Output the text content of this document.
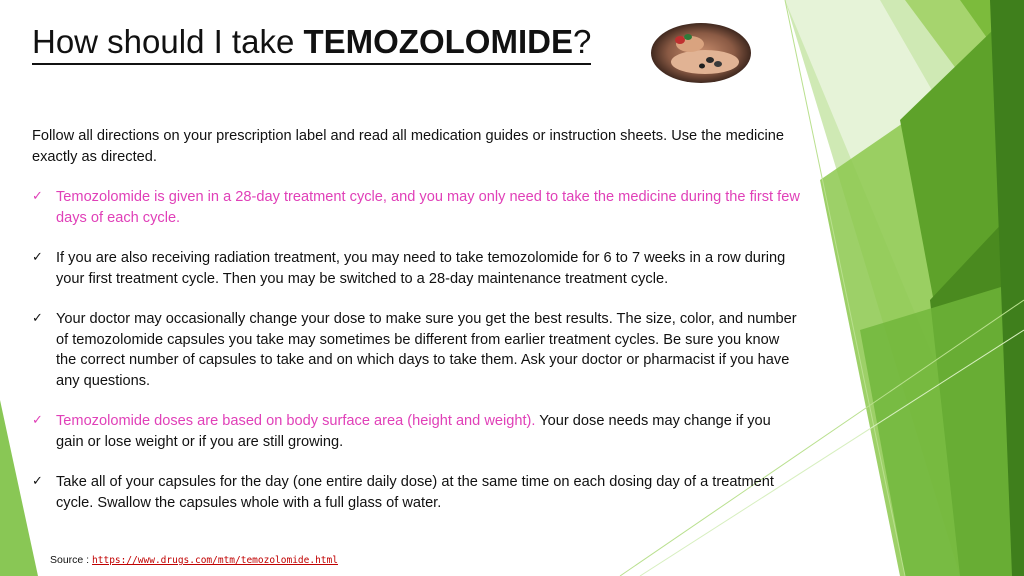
How should I take TEMOZOLOMIDE?

Follow all directions on your prescription label and read all medication guides or instruction sheets. Use the medicine exactly as directed.

✓ Temozolomide is given in a 28-day treatment cycle, and you may only need to take the medicine during the first few days of each cycle.
✓ If you are also receiving radiation treatment, you may need to take temozolomide for 6 to 7 weeks in a row during your first treatment cycle. Then you may be switched to a 28-day maintenance treatment cycle.
✓ Your doctor may occasionally change your dose to make sure you get the best results. The size, color, and number of temozolomide capsules you take may sometimes be different from earlier treatment cycles. Be sure you know the correct number of capsules to take and on which days to take them. Ask your doctor or pharmacist if you have any questions.
✓ Temozolomide doses are based on body surface area (height and weight). Your dose needs may change if you gain or lose weight or if you are still growing.
✓ Take all of your capsules for the day (one entire daily dose) at the same time on each dosing day of a treatment cycle. Swallow the capsules whole with a full glass of water.
Source : https://www.drugs.com/mtm/temozolomide.html
